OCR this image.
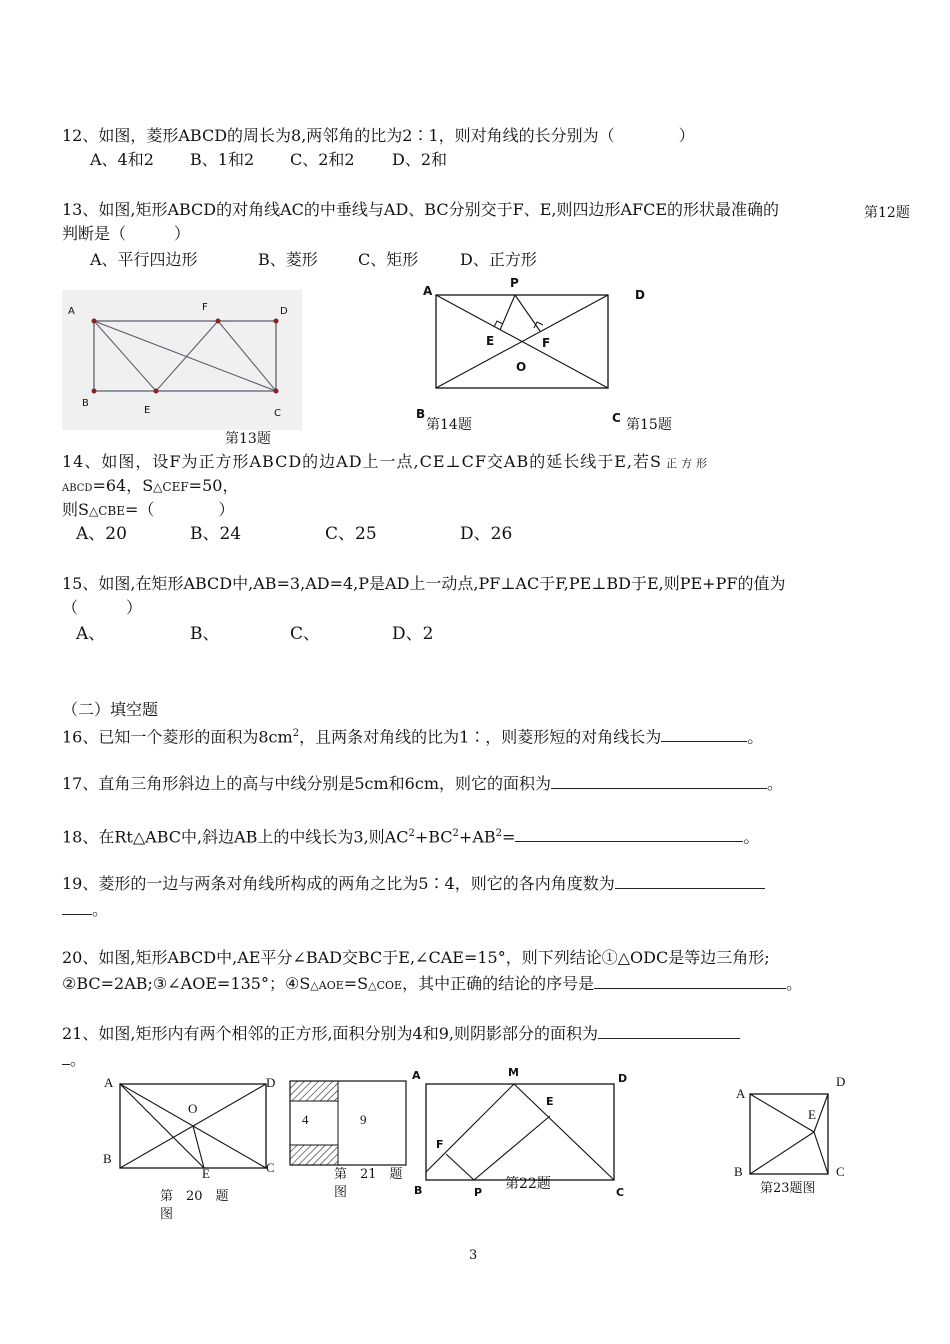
12、如图，菱形ABCD的周长为8,两邻角的比为2∶1，则对角线的长分别为（　　　　）
A、4和2 B、1和2 C、2和2 D、2和
13、如图,矩形ABCD的对角线AC的中垂线与AD、BC分别交于F、E,则四边形AFCE的形状最准确的	第12题
判断是（　　　）
A、平行四边形	B、菱形	C、矩形	D、正方形
A	F	D
B
E	C
第13题
A
P
D
E	F
O
B	C
第14题	第15题
14、如图，设F为正方形ABCD的边AD上一点,CE⊥CF交AB的延长线于E,若S 正方形
ABCD=64，S△CEF=50，
则S△CBE=（　　　　）
A、20	B、24	C、25	D、26
15、如图,在矩形ABCD中,AB=3,AD=4,P是AD上一动点,PF⊥AC于F,PE⊥BD于E,则PE+PF的值为
（　　　）
A、	B、	C、	D、2
（二）填空题
16、已知一个菱形的面积为$8cm^2$，且两条对角线的比为1∶，则菱形短的对角线长为	。
17、直角三角形斜边上的高与中线分别是5cm和6cm，则它的面积为	。
18、在Rt△ABC中,斜边AB上的中线长为3,则$AC^2+BC^2+AB^2=$	。
19、菱形的一边与两条对角线所构成的两角之比为5∶4，则它的各内角度数为
。
20、如图,矩形ABCD中,AE平分∠BAD交BC于E,∠CAE=15°，则下列结论①△ODC是等边三角形;
②BC=2AB;③∠AOE=135°；④S△AOE=S△COE，其中正确的结论的序号是	。
21、如图,矩形内有两个相邻的正方形,面积分别为4和9,则阴影部分的面积为
。
A	D
O
B
E	C
第　20　题
图
4	9
第　21　题
图
A	M	D
E
F
B	P	C
第22题
A
D
E
B	C
第23题图
3
